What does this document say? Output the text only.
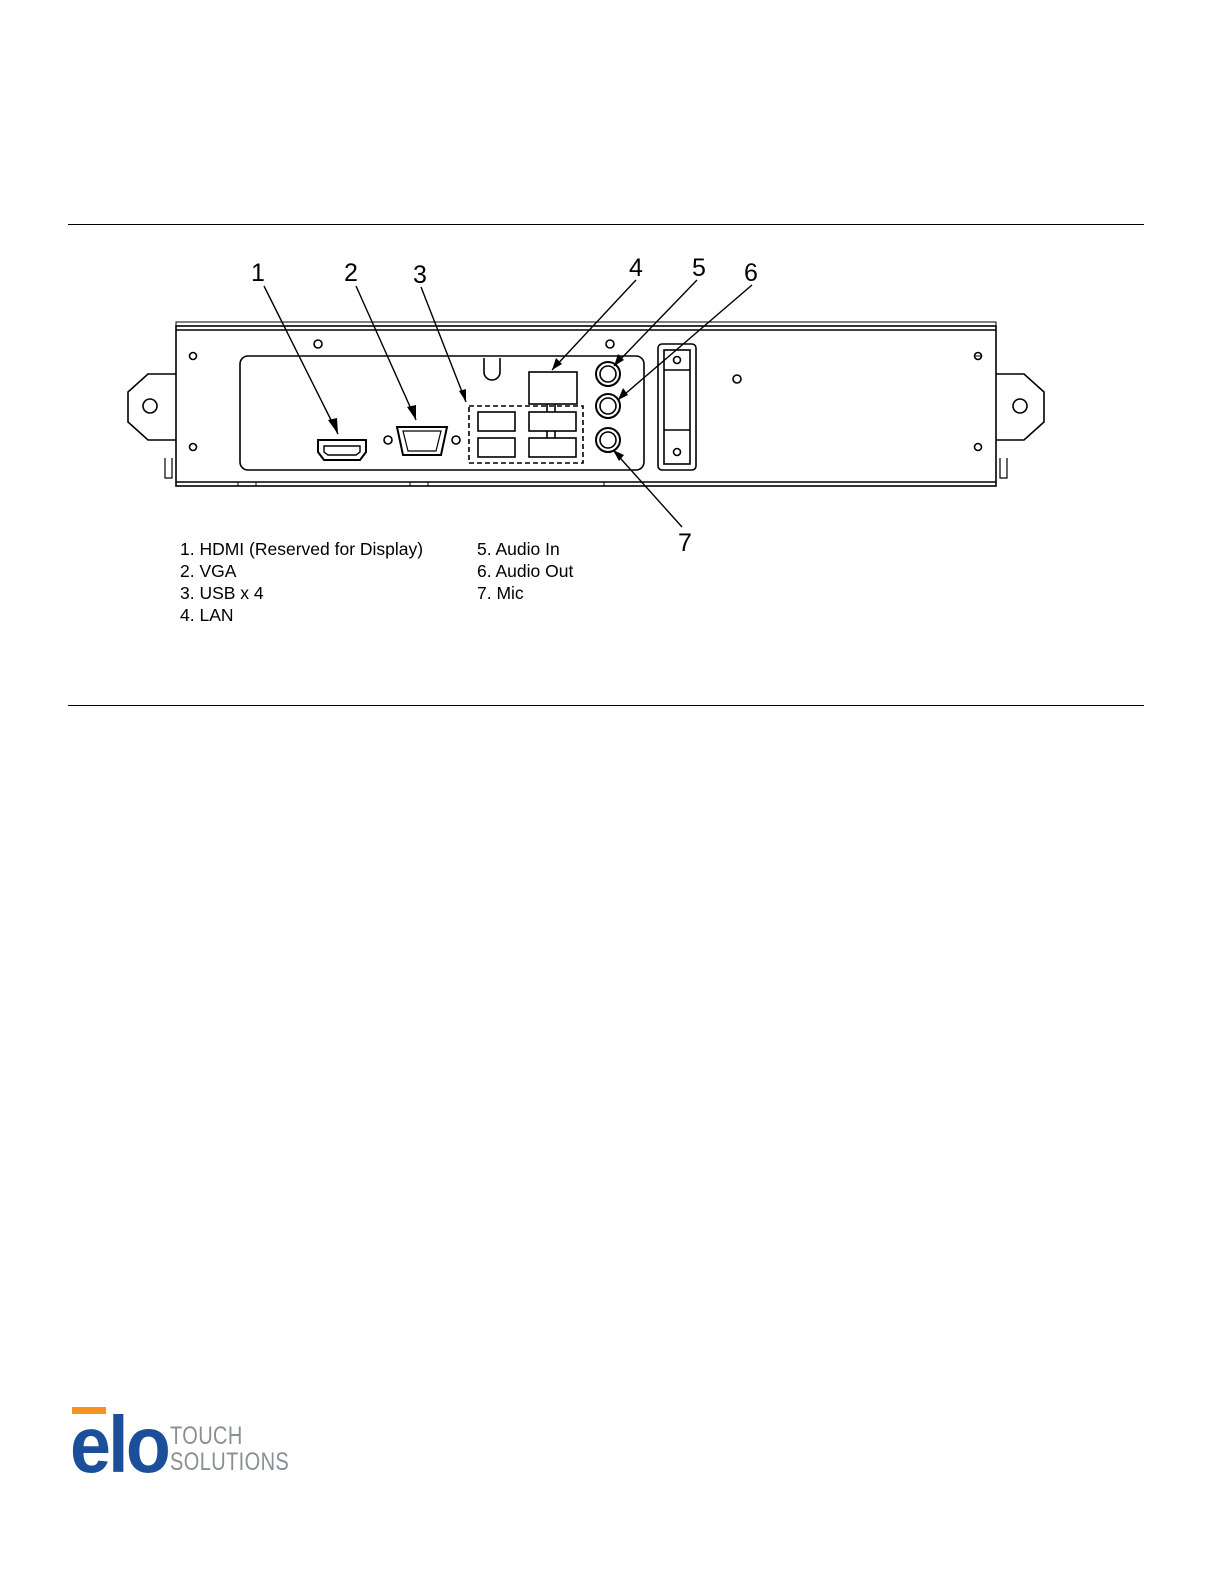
1	2 3	4 5 6
7
1. HDMI (Reserved for Display)
2. VGA
3. USB x 4
4. LAN
5. Audio In
6. Audio Out
7. Mic
elo TOUCH
SOLUTIONS
